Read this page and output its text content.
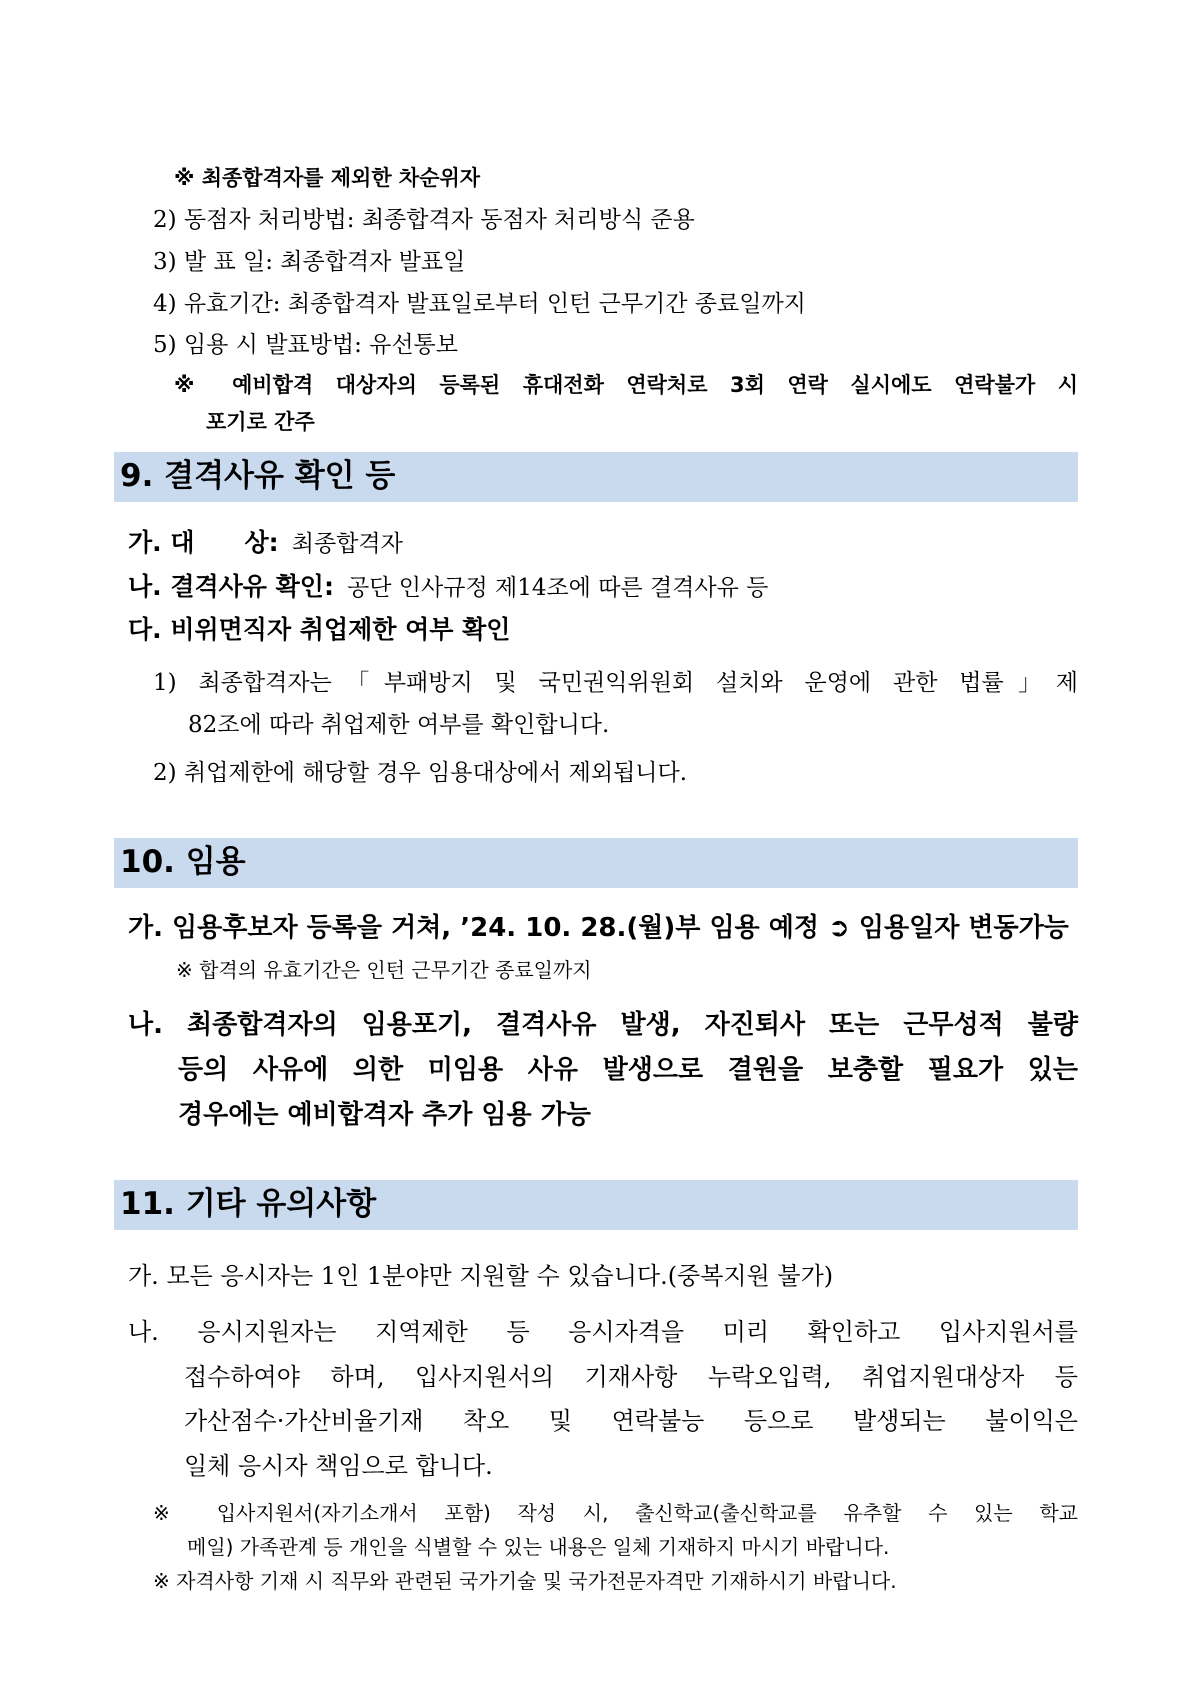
※ 최종합격자를 제외한 차순위자
2) 동점자 처리방법: 최종합격자 동점자 처리방식 준용
3) 발 표 일: 최종합격자 발표일
4) 유효기간: 최종합격자 발표일로부터 인턴 근무기간 종료일까지
5) 임용 시 발표방법: 유선통보
※ 예비합격 대상자의 등록된 휴대전화 연락처로 3회 연락 실시에도 연락불가 시
포기로 간주
9. 결격사유 확인 등
가. 대　　상: 최종합격자
나. 결격사유 확인: 공단 인사규정 제14조에 따른 결격사유 등
다. 비위면직자 취업제한 여부 확인
1) 최종합격자는「부패방지 및 국민권익위원회 설치와 운영에 관한 법률」제
82조에 따라 취업제한 여부를 확인합니다.
2) 취업제한에 해당할 경우 임용대상에서 제외됩니다.
10. 임용
가. 임용후보자 등록을 거쳐, ’24. 10. 28.(월)부 임용 예정 ➲ 임용일자 변동가능
※ 합격의 유효기간은 인턴 근무기간 종료일까지
나. 최종합격자의 임용포기, 결격사유 발생, 자진퇴사 또는 근무성적 불량
등의 사유에 의한 미임용 사유 발생으로 결원을 보충할 필요가 있는
경우에는 예비합격자 추가 임용 가능
11. 기타 유의사항
가. 모든 응시자는 1인 1분야만 지원할 수 있습니다.(중복지원 불가)
나. 응시지원자는 지역제한 등 응시자격을 미리 확인하고 입사지원서를
접수하여야 하며, 입사지원서의 기재사항 누락오입력, 취업지원대상자 등
가산점수·가산비율기재 착오 및 연락불능 등으로 발생되는 불이익은
일체 응시자 책임으로 합니다.
※ 입사지원서(자기소개서 포함) 작성 시, 출신학교(출신학교를 유추할 수 있는 학교
메일) 가족관계 등 개인을 식별할 수 있는 내용은 일체 기재하지 마시기 바랍니다.
※ 자격사항 기재 시 직무와 관련된 국가기술 및 국가전문자격만 기재하시기 바랍니다.
